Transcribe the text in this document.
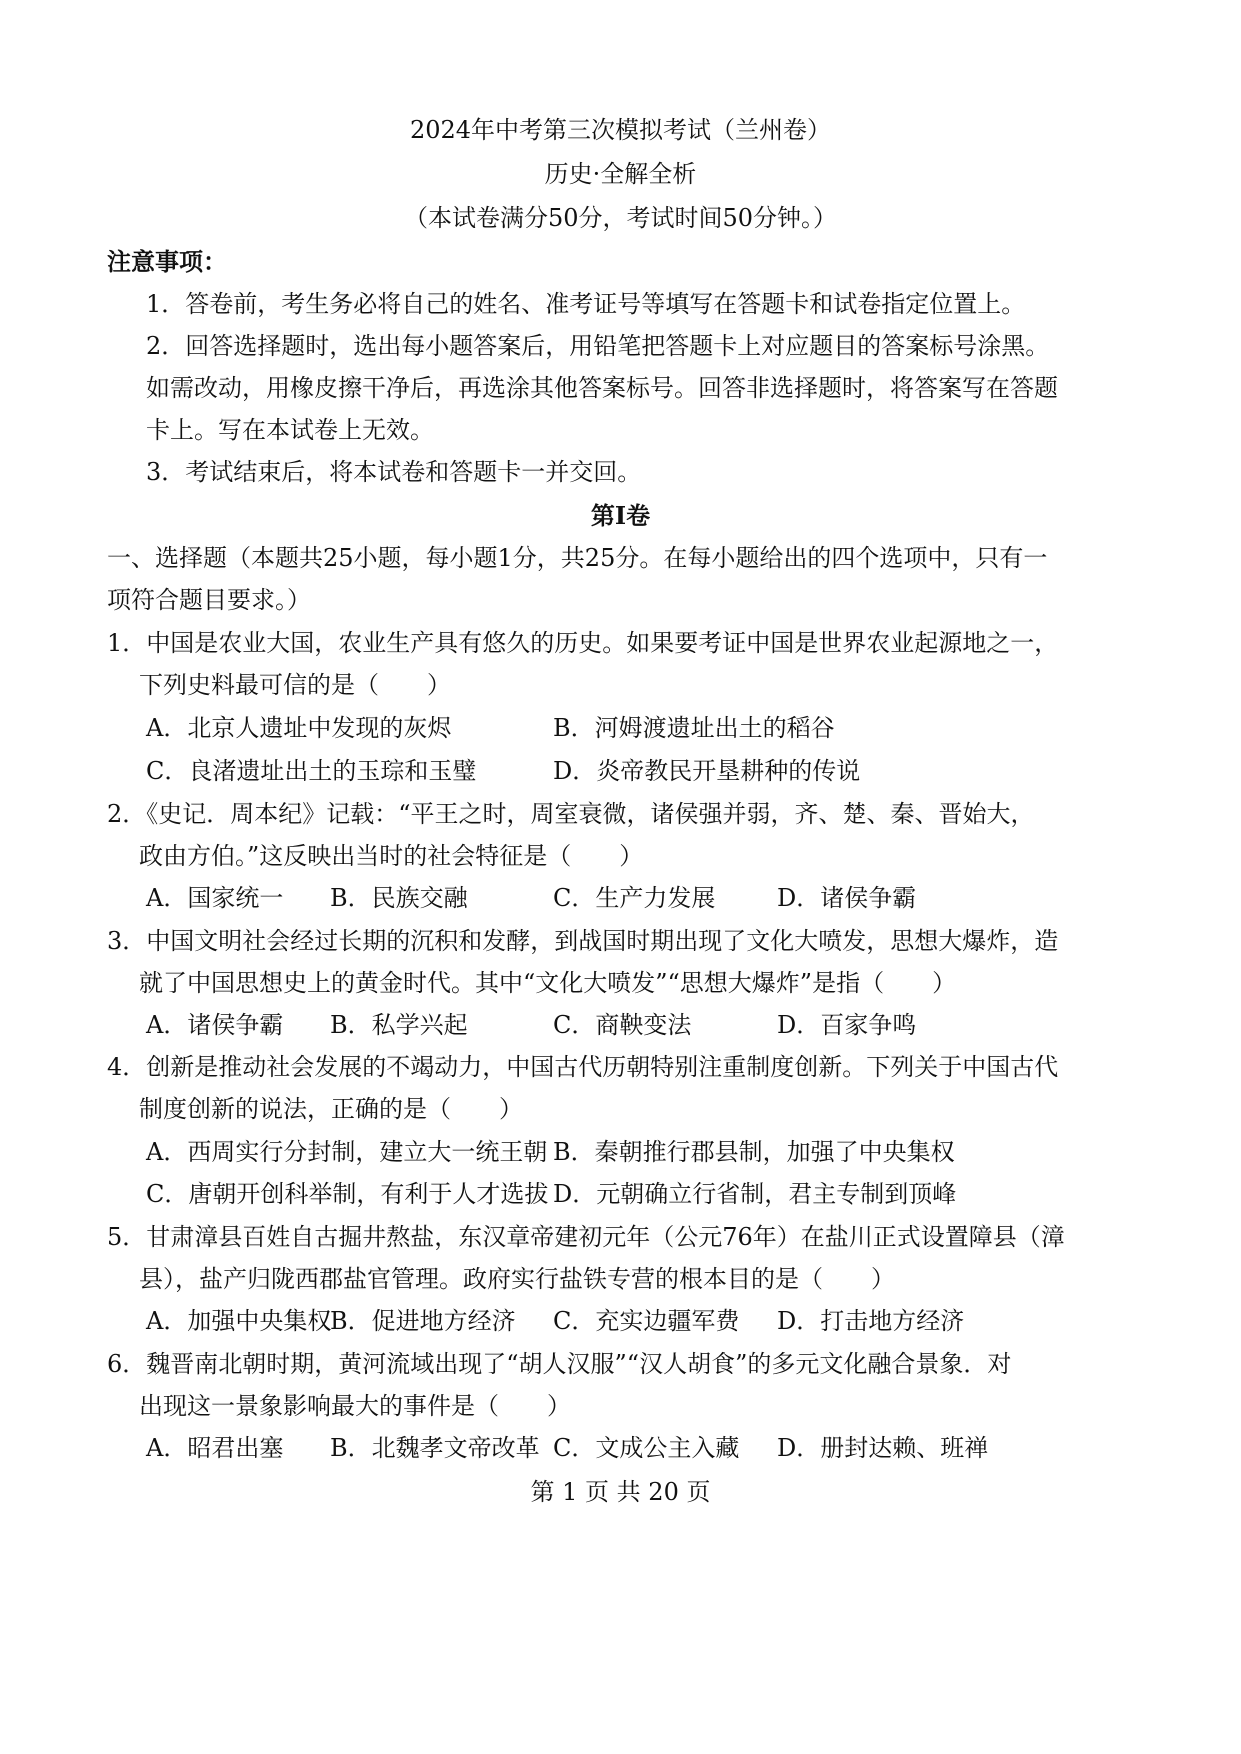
2024年中考第三次模拟考试（兰州卷）
历史·全解全析
（本试卷满分50分，考试时间50分钟。）
注意事项：
1．答卷前，考生务必将自己的姓名、准考证号等填写在答题卡和试卷指定位置上。
2．回答选择题时，选出每小题答案后，用铅笔把答题卡上对应题目的答案标号涂黑。
如需改动，用橡皮擦干净后，再选涂其他答案标号。回答非选择题时，将答案写在答题
卡上。写在本试卷上无效。
3．考试结束后，将本试卷和答题卡一并交回。
第Ⅰ卷
一、选择题（本题共25小题，每小题1分，共25分。在每小题给出的四个选项中，只有一
项符合题目要求。）
1．中国是农业大国，农业生产具有悠久的历史。如果要考证中国是世界农业起源地之一，
下列史料最可信的是（　　）
A．北京人遗址中发现的灰烬	B．河姆渡遗址出土的稻谷
C．良渚遗址出土的玉琮和玉璧	D．炎帝教民开垦耕种的传说
2．《史记．周本纪》记载：“平王之时，周室衰微，诸侯强并弱，齐、楚、秦、晋始大，
政由方伯。”这反映出当时的社会特征是（　　）
A．国家统一 B．民族交融	C．生产力发展	D．诸侯争霸
3．中国文明社会经过长期的沉积和发酵，到战国时期出现了文化大喷发，思想大爆炸，造
就了中国思想史上的黄金时代。其中“文化大喷发”“思想大爆炸”是指（　　）
A．诸侯争霸 B．私学兴起	C．商鞅变法	D．百家争鸣
4．创新是推动社会发展的不竭动力，中国古代历朝特别注重制度创新。下列关于中国古代
制度创新的说法，正确的是（　　）
A．西周实行分封制，建立大一统王朝 B．秦朝推行郡县制，加强了中央集权
C．唐朝开创科举制，有利于人才选拔 D．元朝确立行省制，君主专制到顶峰
5．甘肃漳县百姓自古掘井熬盐，东汉章帝建初元年（公元76年）在盐川正式设置障县（漳
县），盐产归陇西郡盐官管理。政府实行盐铁专营的根本目的是（　　）
A．加强中央集权
B．促进地方经济 C．充实边疆军费 D．打击地方经济
6．魏晋南北朝时期，黄河流域出现了“胡人汉服”“汉人胡食”的多元文化融合景象．对
出现这一景象影响最大的事件是（　　）
A．昭君出塞 B．北魏孝文帝改革 C．文成公主入藏 D．册封达赖、班禅
第 1 页 共 20 页
